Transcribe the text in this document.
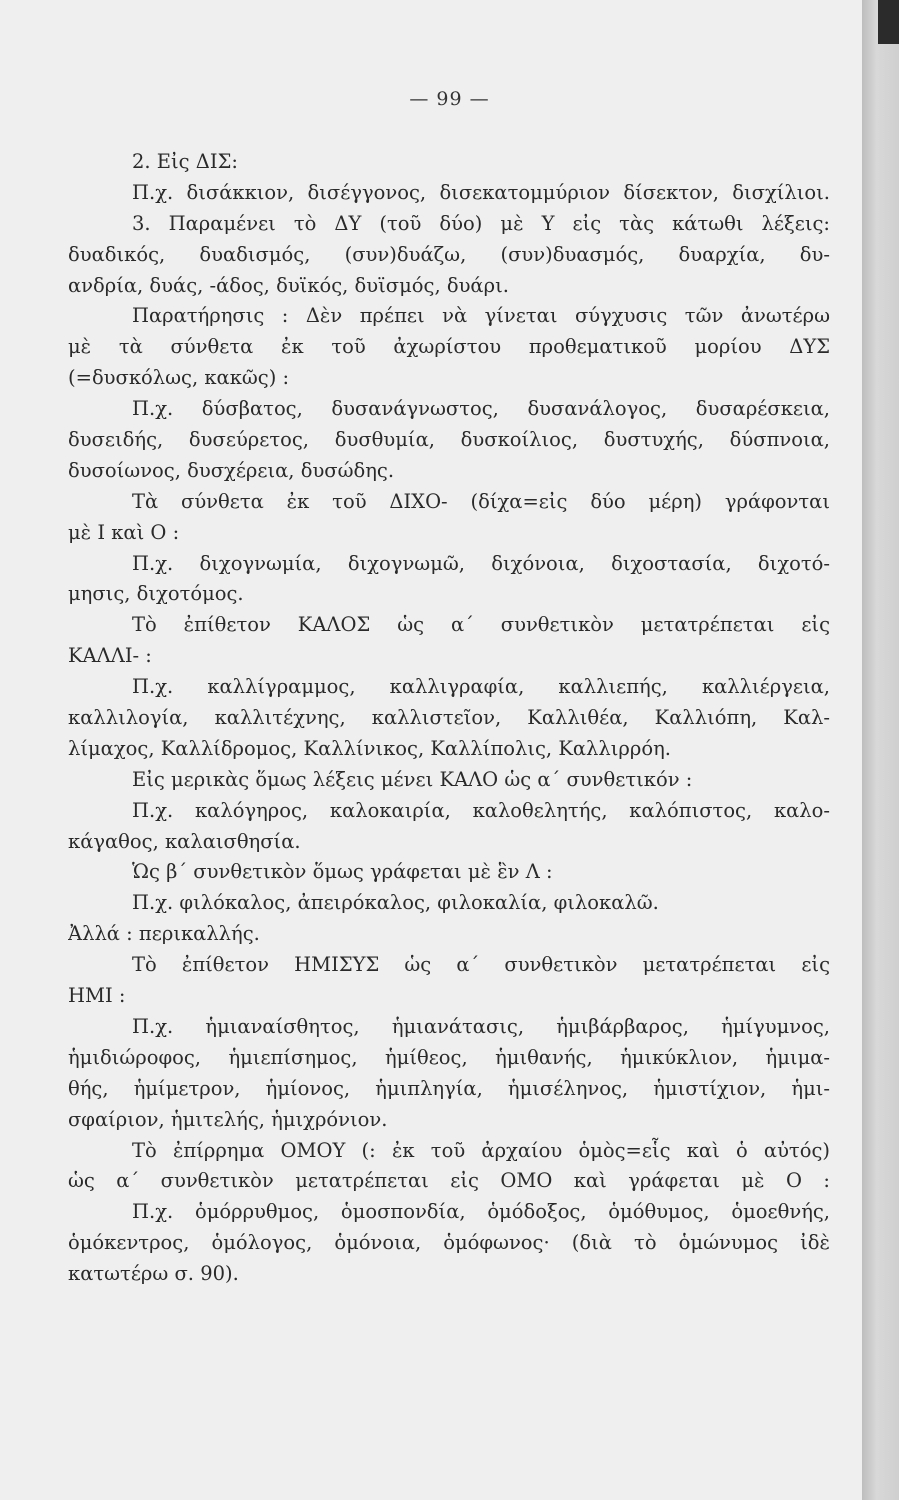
— 99 —
2. Εἰς ΔΙΣ:
Π.χ. δισάκκιον, δισέγγονος, δισεκατομμύριον δίσεκτον, δισχίλιοι.
3. Παραμένει τὸ ΔΥ (τοῦ δύο) μὲ Υ εἰς τὰς κάτωθι λέξεις:
δυαδικός, δυαδισμός, (συν)δυάζω, (συν)δυασμός, δυαρχία, δυ-
ανδρία, δυάς, -άδος, δυϊκός, δυϊσμός, δυάρι.
Παρατήρησις : Δὲν πρέπει νὰ γίνεται σύγχυσις τῶν ἀνωτέρω
μὲ τὰ σύνθετα ἐκ τοῦ ἀχωρίστου προθεματικοῦ μορίου ΔΥΣ
(=δυσκόλως, κακῶς) :
Π.χ. δύσβατος, δυσανάγνωστος, δυσανάλογος, δυσαρέσκεια,
δυσειδής, δυσεύρετος, δυσθυμία, δυσκοίλιος, δυστυχής, δύσπνοια,
δυσοίωνος, δυσχέρεια, δυσώδης.
Τὰ σύνθετα ἐκ τοῦ ΔΙΧΟ- (δίχα=εἰς δύο μέρη) γράφονται
μὲ Ι καὶ Ο :
Π.χ. διχογνωμία, διχογνωμῶ, διχόνοια, διχοστασία, διχοτό-
μησις, διχοτόμος.
Τὸ ἐπίθετον ΚΑΛΟΣ ὡς α΄ συνθετικὸν μετατρέπεται εἰς
ΚΑΛΛΙ- :
Π.χ. καλλίγραμμος, καλλιγραφία, καλλιεπής, καλλιέργεια,
καλλιλογία, καλλιτέχνης, καλλιστεῖον, Καλλιθέα, Καλλιόπη, Καλ-
λίμαχος, Καλλίδρομος, Καλλίνικος, Καλλίπολις, Καλλιρρόη.
Εἰς μερικὰς ὅμως λέξεις μένει ΚΑΛΟ ὡς α΄ συνθετικόν :
Π.χ. καλόγηρος, καλοκαιρία, καλοθελητής, καλόπιστος, καλο-
κάγαθος, καλαισθησία.
Ὡς β΄ συνθετικὸν ὅμως γράφεται μὲ ἓν Λ :
Π.χ. φιλόκαλος, ἀπειρόκαλος, φιλοκαλία, φιλοκαλῶ.
Ἀλλά : περικαλλής.
Τὸ ἐπίθετον ΗΜΙΣΥΣ ὡς α΄ συνθετικὸν μετατρέπεται εἰς
ΗΜΙ :
Π.χ. ἡμιαναίσθητος, ἡμιανάτασις, ἡμιβάρβαρος, ἡμίγυμνος,
ἡμιδιώροφος, ἡμιεπίσημος, ἡμίθεος, ἡμιθανής, ἡμικύκλιον, ἡμιμα-
θής, ἡμίμετρον, ἡμίονος, ἡμιπληγία, ἡμισέληνος, ἡμιστίχιον, ἡμι-
σφαίριον, ἡμιτελής, ἡμιχρόνιον.
Τὸ ἐπίρρημα ΟΜΟΥ (: ἐκ τοῦ ἀρχαίου ὁμὸς=εἷς καὶ ὁ αὐτός)
ὡς α΄ συνθετικὸν μετατρέπεται εἰς ΟΜΟ καὶ γράφεται μὲ Ο :
Π.χ. ὁμόρρυθμος, ὁμοσπονδία, ὁμόδοξος, ὁμόθυμος, ὁμοεθνής,
ὁμόκεντρος, ὁμόλογος, ὁμόνοια, ὁμόφωνος· (διὰ τὸ ὁμώνυμος ἰδὲ
κατωτέρω σ. 90).
